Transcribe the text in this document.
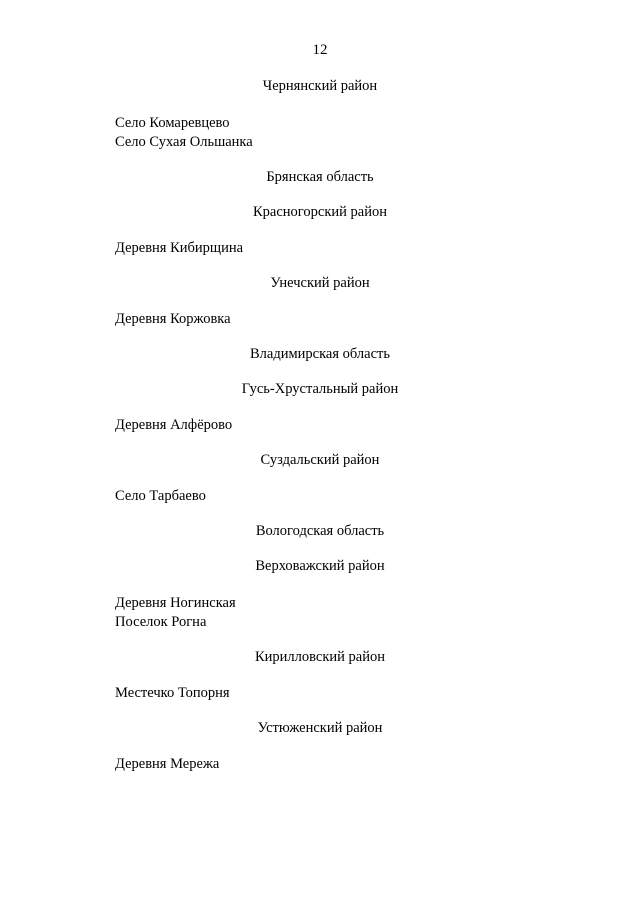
12
Чернянский район
Село Комаревцево
Село Сухая Ольшанка
Брянская область
Красногорский район
Деревня Кибирщина
Унечский район
Деревня Коржовка
Владимирская область
Гусь-Хрустальный район
Деревня Алфёрово
Суздальский район
Село Тарбаево
Вологодская область
Верховажский район
Деревня Ногинская
Поселок Рогна
Кирилловский район
Местечко Топорня
Устюженский район
Деревня Мережа
